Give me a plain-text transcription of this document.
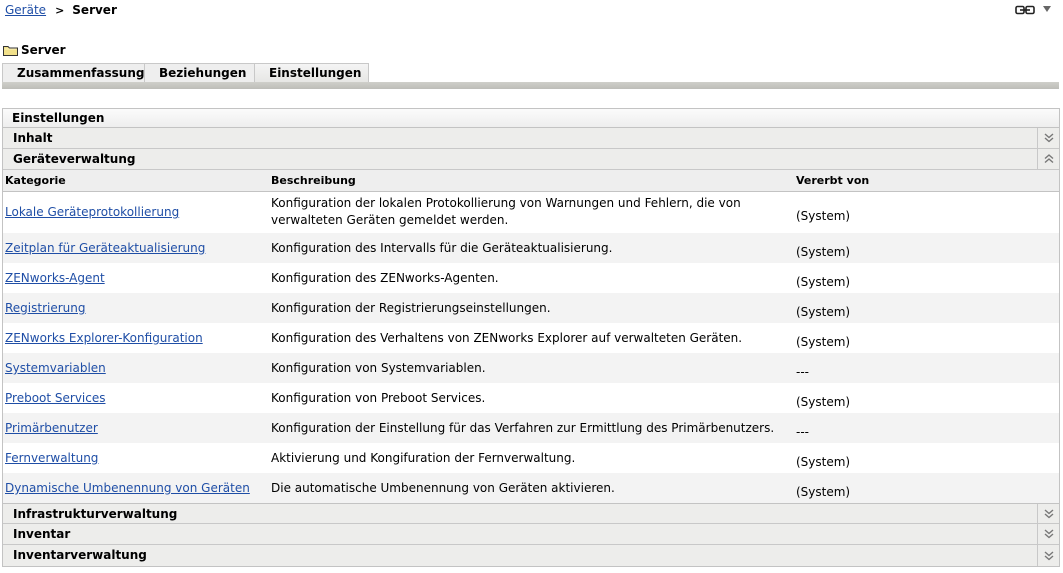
Geräte > Server
Server
Zusammenfassung	Beziehungen	Einstellungen
Einstellungen
Inhalt
Geräteverwaltung
Kategorie	Beschreibung	Vererbt von
Lokale Geräteprotokollierung	Konfiguration der lokalen Protokollierung von Warnungen und Fehlern, die von verwalteten Geräten gemeldet werden.	(System)
Zeitplan für Geräteaktualisierung	Konfiguration des Intervalls für die Geräteaktualisierung.	(System)
ZENworks-Agent	Konfiguration des ZENworks-Agenten.	(System)
Registrierung	Konfiguration der Registrierungseinstellungen.	(System)
ZENworks Explorer-Konfiguration	Konfiguration des Verhaltens von ZENworks Explorer auf verwalteten Geräten.	(System)
Systemvariablen	Konfiguration von Systemvariablen.	---
Preboot Services	Konfiguration von Preboot Services.	(System)
Primärbenutzer	Konfiguration der Einstellung für das Verfahren zur Ermittlung des Primärbenutzers.	---
Fernverwaltung	Aktivierung und Kongifuration der Fernverwaltung.	(System)
Dynamische Umbenennung von Geräten	Die automatische Umbenennung von Geräten aktivieren.	(System)
Infrastrukturverwaltung
Inventar
Inventarverwaltung
